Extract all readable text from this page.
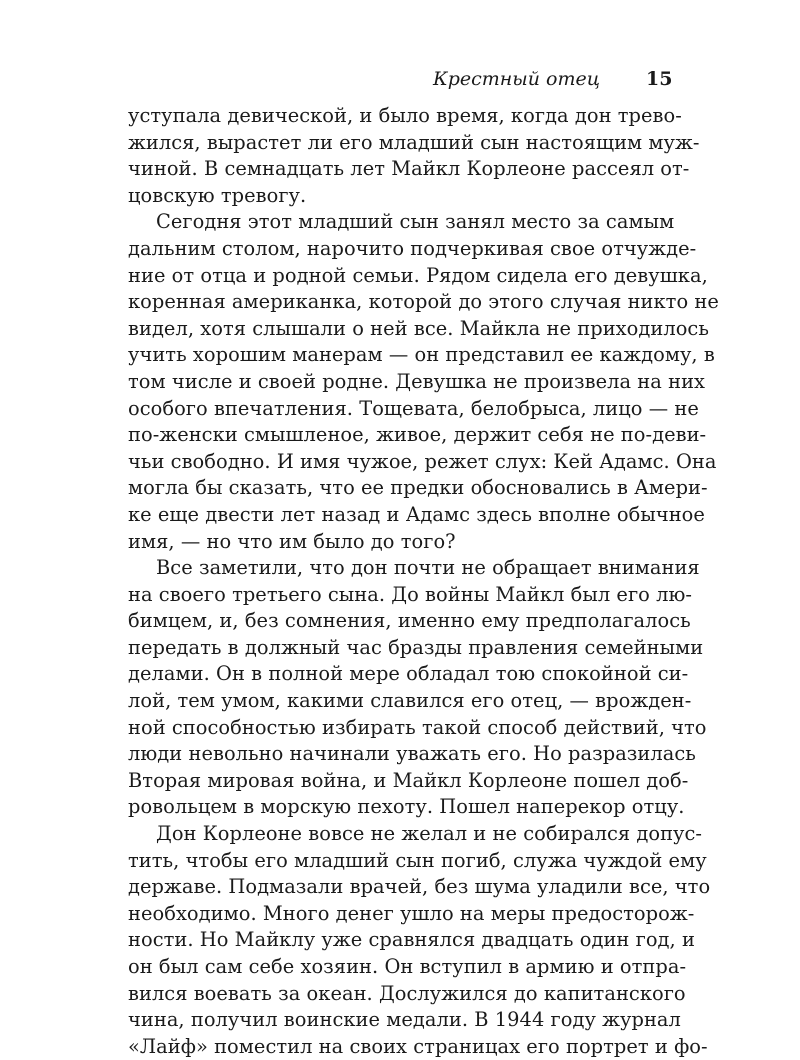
Крестный отец 15
уступала девической, и было время, когда дон трево-
жился, вырастет ли его младший сын настоящим муж-
чиной. В семнадцать лет Майкл Корлеоне рассеял от-
цовскую тревогу.
Сегодня этот младший сын занял место за самым
дальним столом, нарочито подчеркивая свое отчужде-
ние от отца и родной семьи. Рядом сидела его девушка,
коренная американка, которой до этого случая никто не
видел, хотя слышали о ней все. Майкла не приходилось
учить хорошим манерам — он представил ее каждому, в
том числе и своей родне. Девушка не произвела на них
особого впечатления. Тощевата, белобрыса, лицо — не
по-женски смышленое, живое, держит себя не по-деви-
чьи свободно. И имя чужое, режет слух: Кей Адамс. Она
могла бы сказать, что ее предки обосновались в Амери-
ке еще двести лет назад и Адамс здесь вполне обычное
имя, — но что им было до того?
Все заметили, что дон почти не обращает внимания
на своего третьего сына. До войны Майкл был его лю-
бимцем, и, без сомнения, именно ему предполагалось
передать в должный час бразды правления семейными
делами. Он в полной мере обладал тою спокойной си-
лой, тем умом, какими славился его отец, — врожден-
ной способностью избирать такой способ действий, что
люди невольно начинали уважать его. Но разразилась
Вторая мировая война, и Майкл Корлеоне пошел доб-
ровольцем в морскую пехоту. Пошел наперекор отцу.
Дон Корлеоне вовсе не желал и не собирался допус-
тить, чтобы его младший сын погиб, служа чуждой ему
державе. Подмазали врачей, без шума уладили все, что
необходимо. Много денег ушло на меры предосторож-
ности. Но Майклу уже сравнялся двадцать один год, и
он был сам себе хозяин. Он вступил в армию и отпра-
вился воевать за океан. Дослужился до капитанского
чина, получил воинские медали. В 1944 году журнал
«Лайф» поместил на своих страницах его портрет и фо-
